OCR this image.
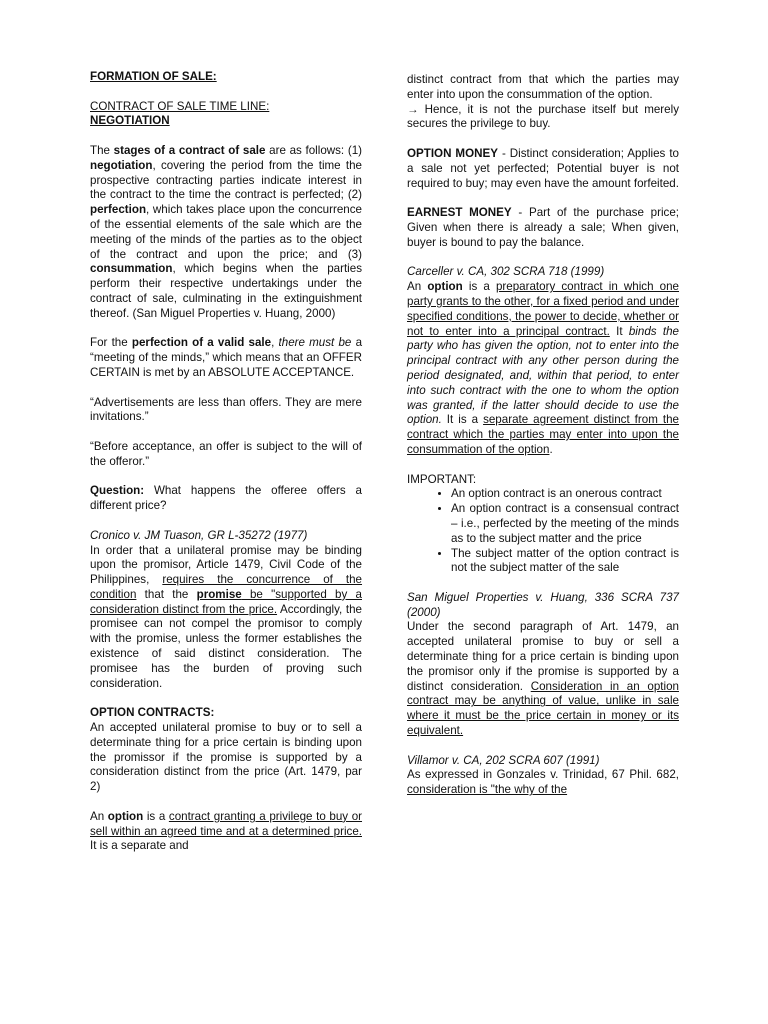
FORMATION OF SALE:

CONTRACT OF SALE TIME LINE:
NEGOTIATION

The stages of a contract of sale are as follows: (1) negotiation, covering the period from the time the prospective contracting parties indicate interest in the contract to the time the contract is perfected; (2) perfection, which takes place upon the concurrence of the essential elements of the sale which are the meeting of the minds of the parties as to the object of the contract and upon the price; and (3) consummation, which begins when the parties perform their respective undertakings under the contract of sale, culminating in the extinguishment thereof. (San Miguel Properties v. Huang, 2000)

For the perfection of a valid sale, there must be a “meeting of the minds,” which means that an OFFER CERTAIN is met by an ABSOLUTE ACCEPTANCE.

“Advertisements are less than offers. They are mere invitations.”

“Before acceptance, an offer is subject to the will of the offeror.”

Question: What happens the offeree offers a different price?

Cronico v. JM Tuason, GR L-35272 (1977)

In order that a unilateral promise may be binding upon the promisor, Article 1479, Civil Code of the Philippines, requires the concurrence of the condition that the promise be "supported by a consideration distinct from the price. Accordingly, the promisee can not compel the promisor to comply with the promise, unless the former establishes the existence of said distinct consideration. The promisee has the burden of proving such consideration.

OPTION CONTRACTS:

An accepted unilateral promise to buy or to sell a determinate thing for a price certain is binding upon the promissor if the promise is supported by a consideration distinct from the price (Art. 1479, par 2)

An option is a contract granting a privilege to buy or sell within an agreed time and at a determined price. It is a separate and

distinct contract from that which the parties may enter into upon the consummation of the option.

→ Hence, it is not the purchase itself but merely secures the privilege to buy.

OPTION MONEY - Distinct consideration; Applies to a sale not yet perfected; Potential buyer is not required to buy; may even have the amount forfeited.

EARNEST MONEY - Part of the purchase price; Given when there is already a sale; When given, buyer is bound to pay the balance.

Carceller v. CA, 302 SCRA 718 (1999)

An option is a preparatory contract in which one party grants to the other, for a fixed period and under specified conditions, the power to decide, whether or not to enter into a principal contract. It binds the party who has given the option, not to enter into the principal contract with any other person during the period designated, and, within that period, to enter into such contract with the one to whom the option was granted, if the latter should decide to use the option. It is a separate agreement distinct from the contract which the parties may enter into upon the consummation of the option.

IMPORTANT:

• An option contract is an onerous contract
• An option contract is a consensual contract – i.e., perfected by the meeting of the minds as to the subject matter and the price
• The subject matter of the option contract is not the subject matter of the sale

San Miguel Properties v. Huang, 336 SCRA 737 (2000)

Under the second paragraph of Art. 1479, an accepted unilateral promise to buy or sell a determinate thing for a price certain is binding upon the promisor only if the promise is supported by a distinct consideration. Consideration in an option contract may be anything of value, unlike in sale where it must be the price certain in money or its equivalent.

Villamor v. CA, 202 SCRA 607 (1991)

As expressed in Gonzales v. Trinidad, 67 Phil. 682, consideration is "the why of the
